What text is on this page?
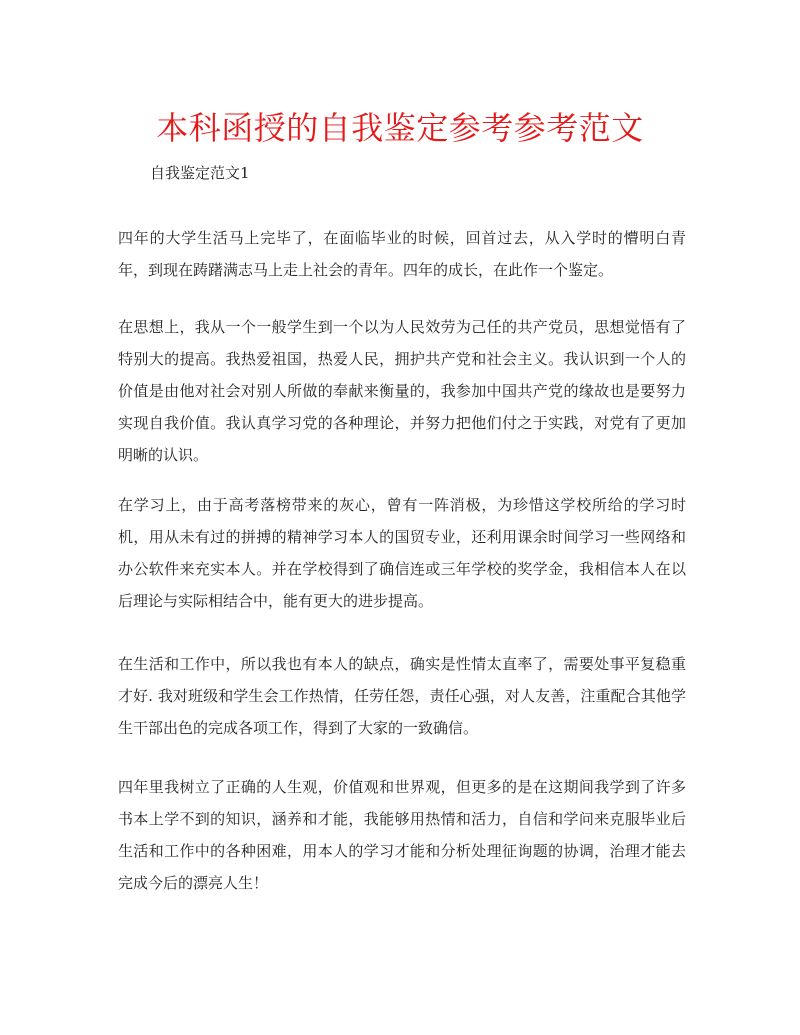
本科函授的自我鉴定参考参考范文

自我鉴定范文1

四年的大学生活马上完毕了，在面临毕业的时候，回首过去，从入学时的懵明白青年，到现在踌躇满志马上走上社会的青年。四年的成长，在此作一个鉴定。

在思想上，我从一个一般学生到一个以为人民效劳为己任的共产党员，思想觉悟有了特别大的提高。我热爱祖国，热爱人民，拥护共产党和社会主义。我认识到一个人的价值是由他对社会对别人所做的奉献来衡量的，我参加中国共产党的缘故也是要努力实现自我价值。我认真学习党的各种理论，并努力把他们付之于实践，对党有了更加明晰的认识。

在学习上，由于高考落榜带来的灰心，曾有一阵消极，为珍惜这学校所给的学习时机，用从未有过的拼搏的精神学习本人的国贸专业，还利用课余时间学习一些网络和办公软件来充实本人。并在学校得到了确信连或三年学校的奖学金，我相信本人在以后理论与实际相结合中，能有更大的进步提高。

在生活和工作中，所以我也有本人的缺点，确实是性情太直率了，需要处事平复稳重才好. 我对班级和学生会工作热情，任劳任怨，责任心强，对人友善，注重配合其他学生干部出色的完成各项工作，得到了大家的一致确信。

四年里我树立了正确的人生观，价值观和世界观，但更多的是在这期间我学到了许多书本上学不到的知识，涵养和才能，我能够用热情和活力，自信和学问来克服毕业后生活和工作中的各种困难，用本人的学习才能和分析处理征询题的协调，治理才能去完成今后的漂亮人生！
